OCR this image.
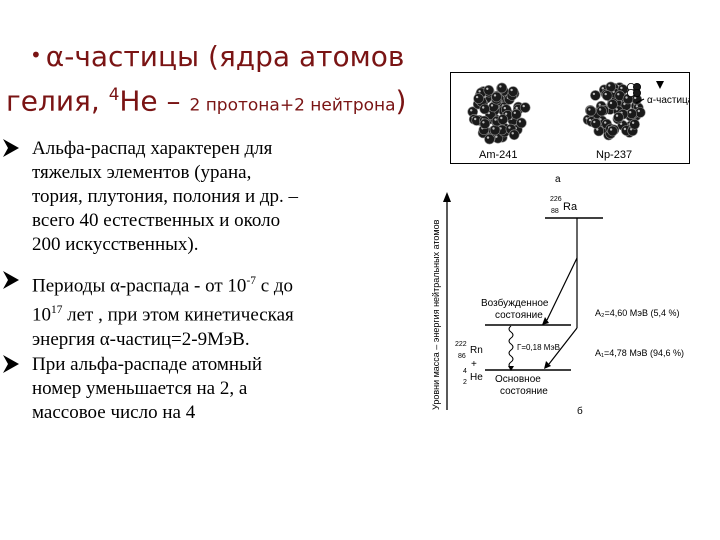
• α-частицы (ядра атомов
гелия, $^4$He – 2 протона+2 нейтрона)
Альфа-распад характерен для
тяжелых элементов (урана,
тория, плутония, полония и др. –
всего 40 естественных и около
200 искусственных).
Периоды α-распада - от $10^{-7}$ с до
$10^{17}$ лет , при этом кинетическая
энергия α-частиц=2-9МэВ.
При альфа-распаде атомный
номер уменьшается на 2, а
массовое число на 4
α-частица
Am-241	Np-237
а
б
Уровни масса – энергия нейтральных атомов
226
88 Ra
Возбужденное
состояние
Основное
состояние
Г=0,18 МэВ
222
86
Rn
+
4
2 He
A₂=4,60 МэВ (5,4 %)
A₁=4,78 МэВ (94,6 %)
